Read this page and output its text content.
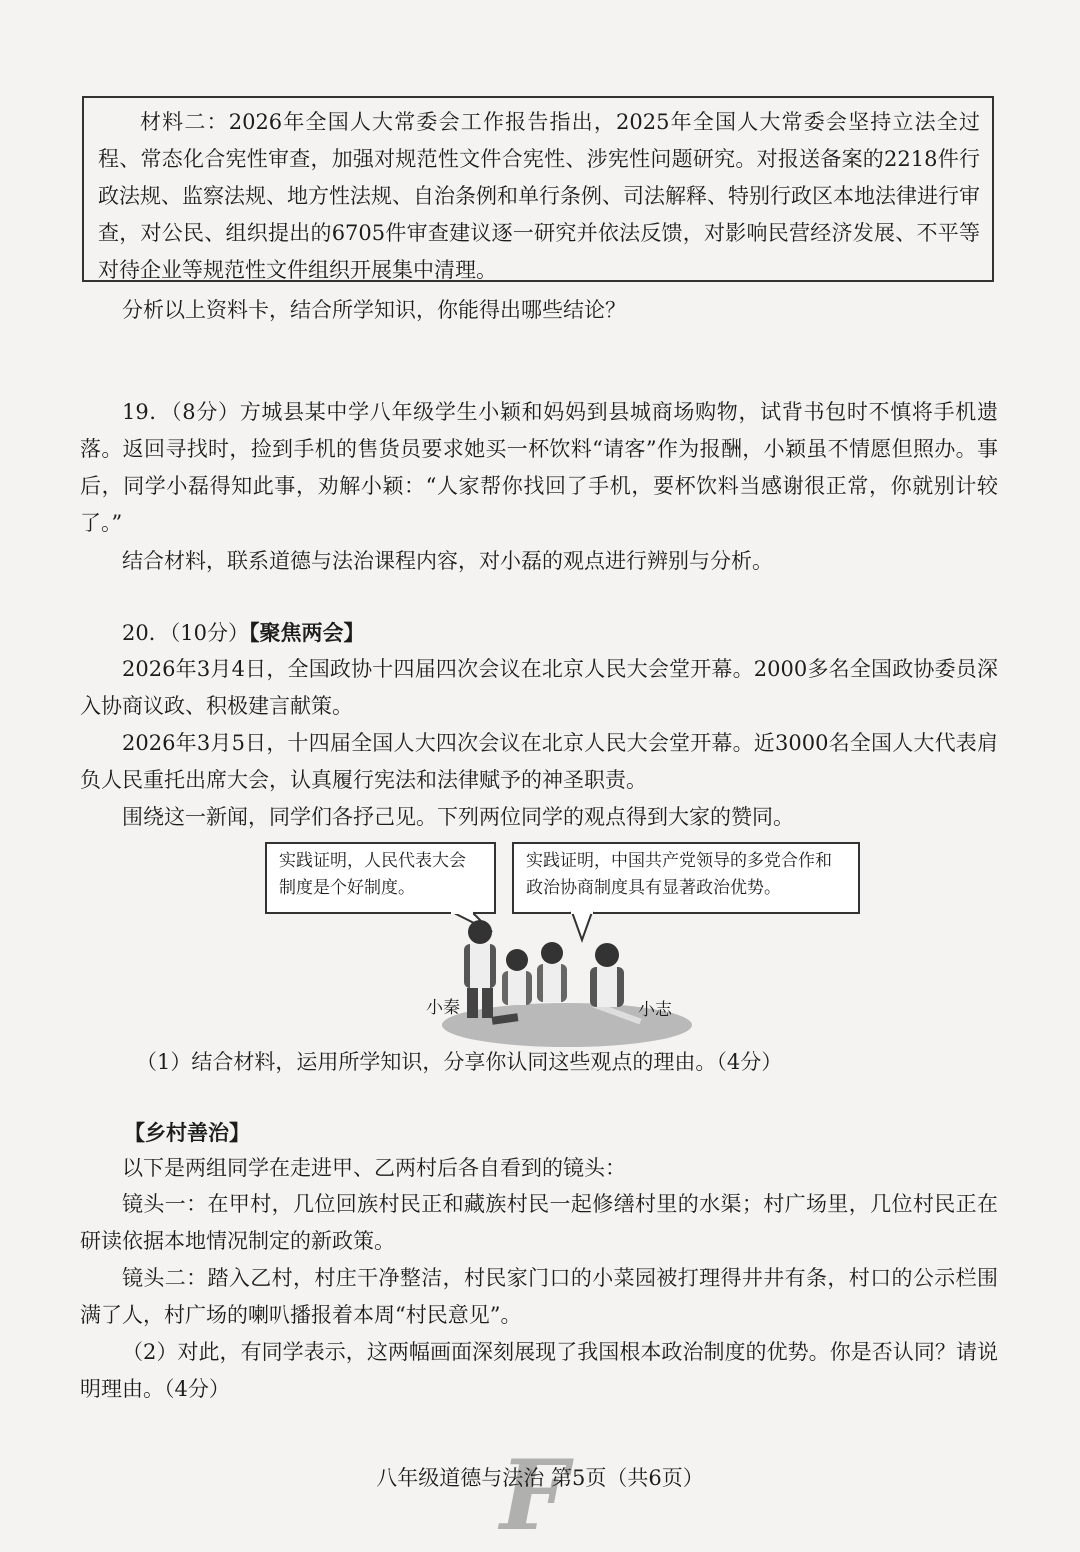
材料二：2026年全国人大常委会工作报告指出，2025年全国人大常委会坚持立法全过程、常态化合宪性审查，加强对规范性文件合宪性、涉宪性问题研究。对报送备案的2218件行政法规、监察法规、地方性法规、自治条例和单行条例、司法解释、特别行政区本地法律进行审查，对公民、组织提出的6705件审查建议逐一研究并依法反馈，对影响民营经济发展、不平等对待企业等规范性文件组织开展集中清理。

分析以上资料卡，结合所学知识，你能得出哪些结论？

19．（8分）方城县某中学八年级学生小颖和妈妈到县城商场购物，试背书包时不慎将手机遗落。返回寻找时，捡到手机的售货员要求她买一杯饮料“请客”作为报酬，小颖虽不情愿但照办。事后，同学小磊得知此事，劝解小颖：“人家帮你找回了手机，要杯饮料当感谢很正常，你就别计较了。”

结合材料，联系道德与法治课程内容，对小磊的观点进行辨别与分析。

20．（10分）【聚焦两会】

2026年3月4日，全国政协十四届四次会议在北京人民大会堂开幕。2000多名全国政协委员深入协商议政、积极建言献策。

2026年3月5日，十四届全国人大四次会议在北京人民大会堂开幕。近3000名全国人大代表肩负人民重托出席大会，认真履行宪法和法律赋予的神圣职责。

围绕这一新闻，同学们各抒己见。下列两位同学的观点得到大家的赞同。

实践证明，人民代表大会制度是个好制度。
实践证明，中国共产党领导的多党合作和政治协商制度具有显著政治优势。
小秦	小志

（1）结合材料，运用所学知识，分享你认同这些观点的理由。（4分）

【乡村善治】

以下是两组同学在走进甲、乙两村后各自看到的镜头：

镜头一：在甲村，几位回族村民正和藏族村民一起修缮村里的水渠；村广场里，几位村民正在研读依据本地情况制定的新政策。

镜头二：踏入乙村，村庄干净整洁，村民家门口的小菜园被打理得井井有条，村口的公示栏围满了人，村广场的喇叭播报着本周“村民意见”。

（2）对此，有同学表示，这两幅画面深刻展现了我国根本政治制度的优势。你是否认同？请说明理由。（4分）

F
八年级道德与法治 第5页（共6页）
